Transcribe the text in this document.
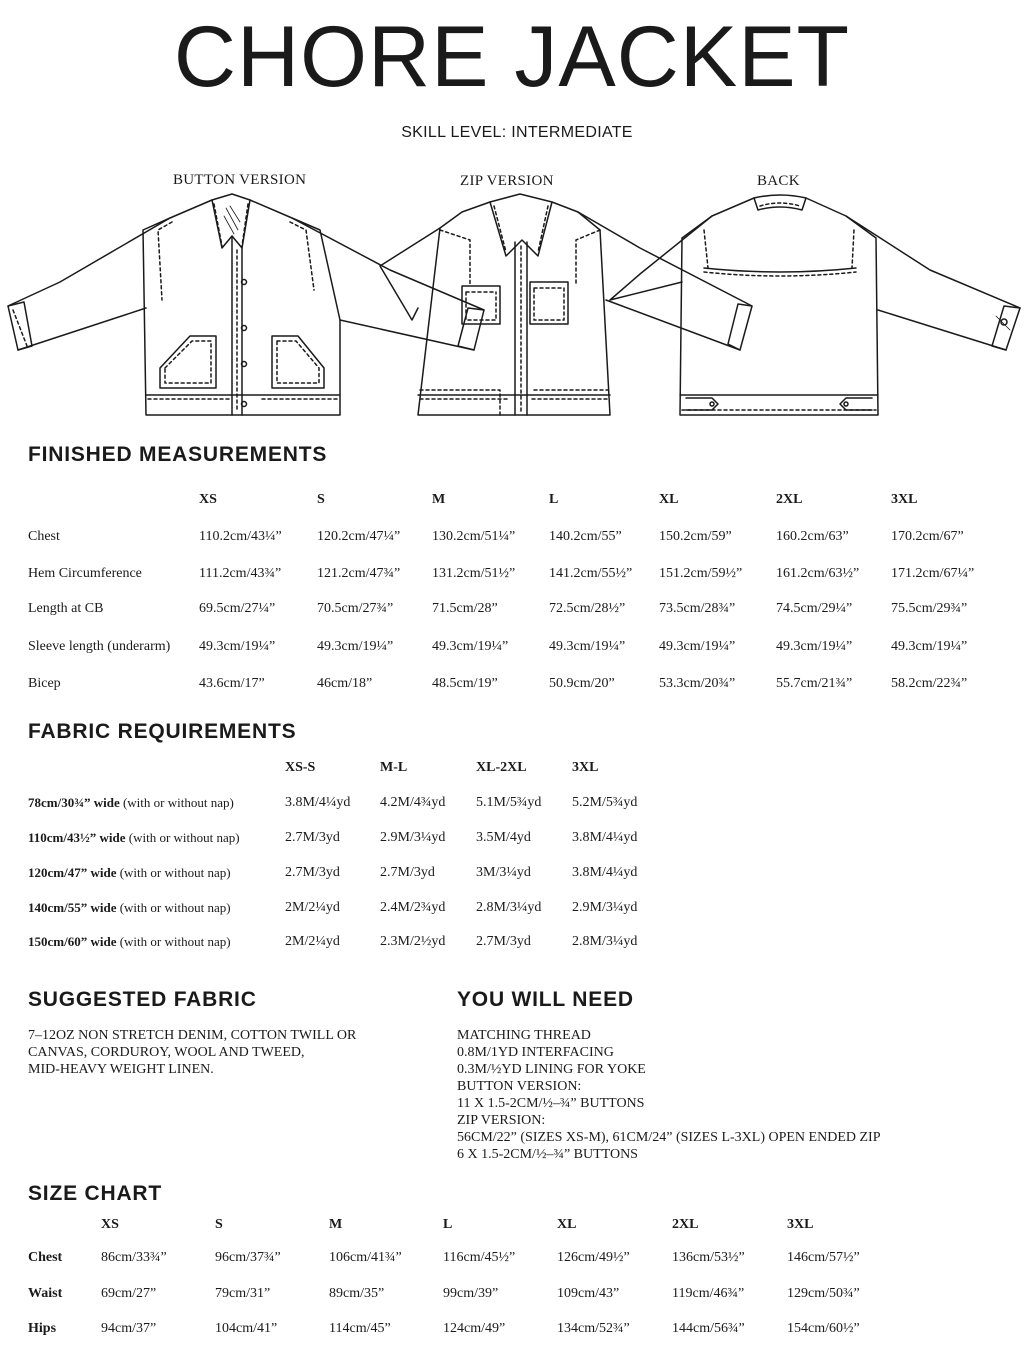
CHORE JACKET
SKILL LEVEL: INTERMEDIATE
BUTTON VERSION	ZIP VERSION	BACK
FINISHED MEASUREMENTS
XS	S	M	L	XL	2XL	3XL
Chest	110.2cm/43¼”	120.2cm/47¼” 130.2cm/51¼” 140.2cm/55”	150.2cm/59”	160.2cm/63”	170.2cm/67”
Hem Circumference	111.2cm/43¾”	121.2cm/47¾” 131.2cm/51½” 141.2cm/55½” 151.2cm/59½” 161.2cm/63½” 171.2cm/67¼”
Length at CB	69.5cm/27¼”	70.5cm/27¾”	71.5cm/28”	72.5cm/28½” 73.5cm/28¾”	74.5cm/29¼”	75.5cm/29¾”
Sleeve length (underarm) 49.3cm/19¼”	49.3cm/19¼”	49.3cm/19¼”	49.3cm/19¼” 49.3cm/19¼”	49.3cm/19¼”	49.3cm/19¼”
Bicep	43.6cm/17”	46cm/18”	48.5cm/19”	50.9cm/20”	53.3cm/20¾”	55.7cm/21¾”	58.2cm/22¾”
FABRIC REQUIREMENTS
XS-S	M-L	XL-2XL	3XL
78cm/30¾” wide (with or without nap)	3.8M/4¼yd 4.2M/4¾yd 5.1M/5¾yd 5.2M/5¾yd
110cm/43½” wide (with or without nap)	2.7M/3yd	2.9M/3¼yd 3.5M/4yd	3.8M/4¼yd
120cm/47” wide (with or without nap)	2.7M/3yd	2.7M/3yd	3M/3¼yd	3.8M/4¼yd
140cm/55” wide (with or without nap)	2M/2¼yd	2.4M/2¾yd 2.8M/3¼yd 2.9M/3¼yd
150cm/60” wide (with or without nap)	2M/2¼yd	2.3M/2½yd 2.7M/3yd	2.8M/3¼yd
SUGGESTED FABRIC
7–12OZ NON STRETCH DENIM, COTTON TWILL OR
CANVAS, CORDUROY, WOOL AND TWEED,
MID-HEAVY WEIGHT LINEN.
YOU WILL NEED
MATCHING THREAD
0.8M/1YD INTERFACING
0.3M/½YD LINING FOR YOKE
BUTTON VERSION:
11 X 1.5-2CM/½–¾” BUTTONS
ZIP VERSION:
56CM/22” (SIZES XS-M), 61CM/24” (SIZES L-3XL) OPEN ENDED ZIP
6 X 1.5-2CM/½–¾” BUTTONS
SIZE CHART
XS	S	M	L	XL	2XL	3XL
Chest	86cm/33¾”	96cm/37¾”	106cm/41¾”	116cm/45½”	126cm/49½”	136cm/53½”	146cm/57½”
Waist	69cm/27”	79cm/31”	89cm/35”	99cm/39”	109cm/43”	119cm/46¾”	129cm/50¾”
Hips	94cm/37”	104cm/41”	114cm/45”	124cm/49”	134cm/52¾”	144cm/56¾”	154cm/60½”
